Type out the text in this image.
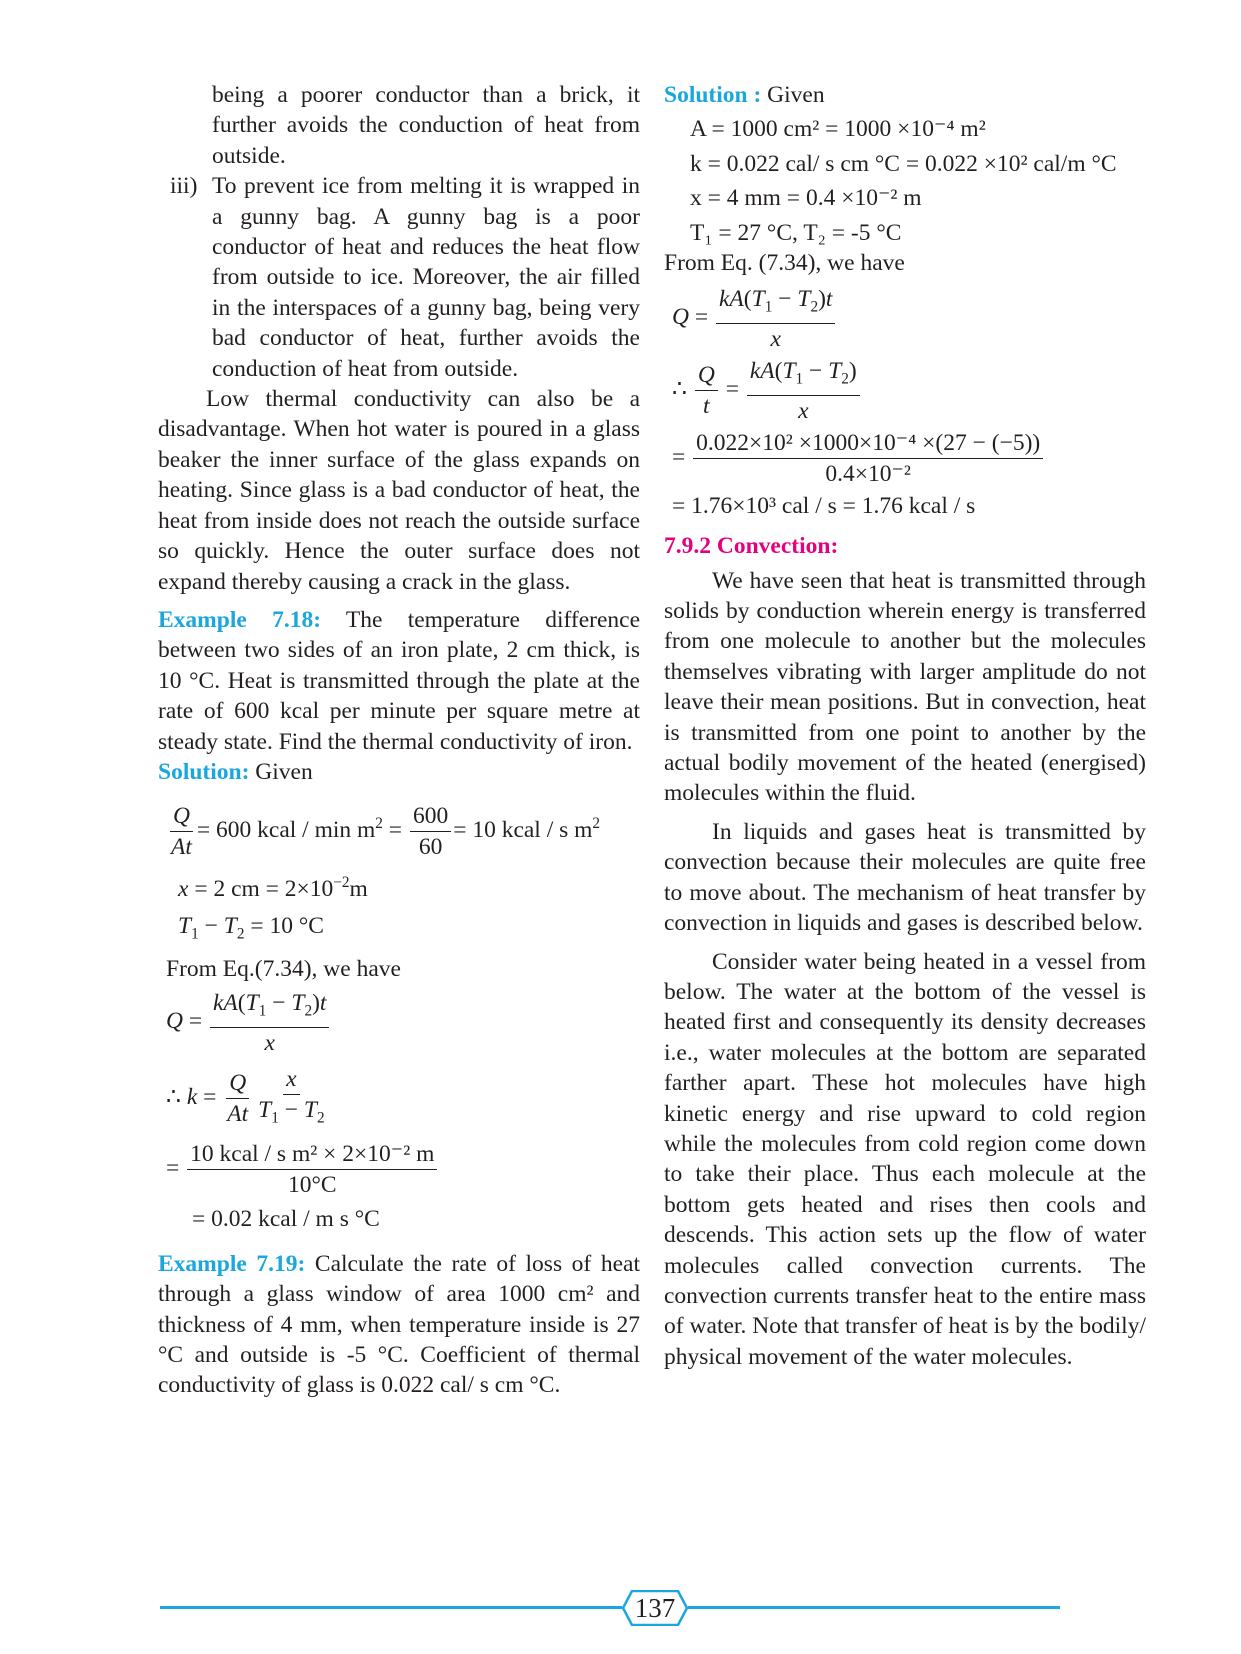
being a poorer conductor than a brick, it further avoids the conduction of heat from outside.

iii) To prevent ice from melting it is wrapped in a gunny bag. A gunny bag is a poor conductor of heat and reduces the heat flow from outside to ice. Moreover, the air filled in the interspaces of a gunny bag, being very bad conductor of heat, further avoids the conduction of heat from outside.

Low thermal conductivity can also be a disadvantage. When hot water is poured in a glass beaker the inner surface of the glass expands on heating. Since glass is a bad conductor of heat, the heat from inside does not reach the outside surface so quickly. Hence the outer surface does not expand thereby causing a crack in the glass.

Example 7.18: The temperature difference between two sides of an iron plate, 2 cm thick, is 10 °C. Heat is transmitted through the plate at the rate of 600 kcal per minute per square metre at steady state. Find the thermal conductivity of iron.

Solution: Given

$\frac{Q}{At} = 600$ kcal / $\min m^2 = \frac{600}{60} = 10$ kcal / s $m^2$
x = 2 cm = $2\times 10^{-2}m$
$T_1 - T_2 = 10$ °C
From Eq.(7.34), we have
$Q = \frac{kA(T_1 - T_2)t}{x}$
∴ $k = \frac{Q}{At} \frac{x}{T_1 - T_2}$
= $\frac{\text{10 kcal / s m² × 2×10⁻² m}}{10^\circ C}$
= 0.02 kcal / m s °C

Example 7.19: Calculate the rate of loss of heat through a glass window of area 1000 cm² and thickness of 4 mm, when temperature inside is 27 °C and outside is -5 °C. Coefficient of thermal conductivity of glass is 0.022 cal/ s cm °C.

Solution : Given

A = 1000 cm² = 1000 ×10⁻⁴ m²
k = 0.022 cal/ s cm °C = 0.022 ×10² cal/m °C
x = 4 mm = 0.4 ×10⁻² m
T₁ = 27 °C, T₂ = -5 °C
From Eq. (7.34), we have
$Q = \frac{kA(T_1 - T_2)t}{x}$
∴ $\frac{Q}{t} = \frac{kA(T_1 - T_2)}{x}$
= $\frac{\text{0.022×10² ×1000×10⁻⁴ ×(27 − (−5))}}{\text{0.4×10⁻²}}$
= 1.76×10³ cal / s = 1.76 kcal / s
7.9.2 Convection:

We have seen that heat is transmitted through solids by conduction wherein energy is transferred from one molecule to another but the molecules themselves vibrating with larger amplitude do not leave their mean positions. But in convection, heat is transmitted from one point to another by the actual bodily movement of the heated (energised) molecules within the fluid.

In liquids and gases heat is transmitted by convection because their molecules are quite free to move about. The mechanism of heat transfer by convection in liquids and gases is described below.

Consider water being heated in a vessel from below. The water at the bottom of the vessel is heated first and consequently its density decreases i.e., water molecules at the bottom are separated farther apart. These hot molecules have high kinetic energy and rise upward to cold region while the molecules from cold region come down to take their place. Thus each molecule at the bottom gets heated and rises then cools and descends. This action sets up the flow of water molecules called convection currents. The convection currents transfer heat to the entire mass of water. Note that transfer of heat is by the bodily/ physical movement of the water molecules.

137
